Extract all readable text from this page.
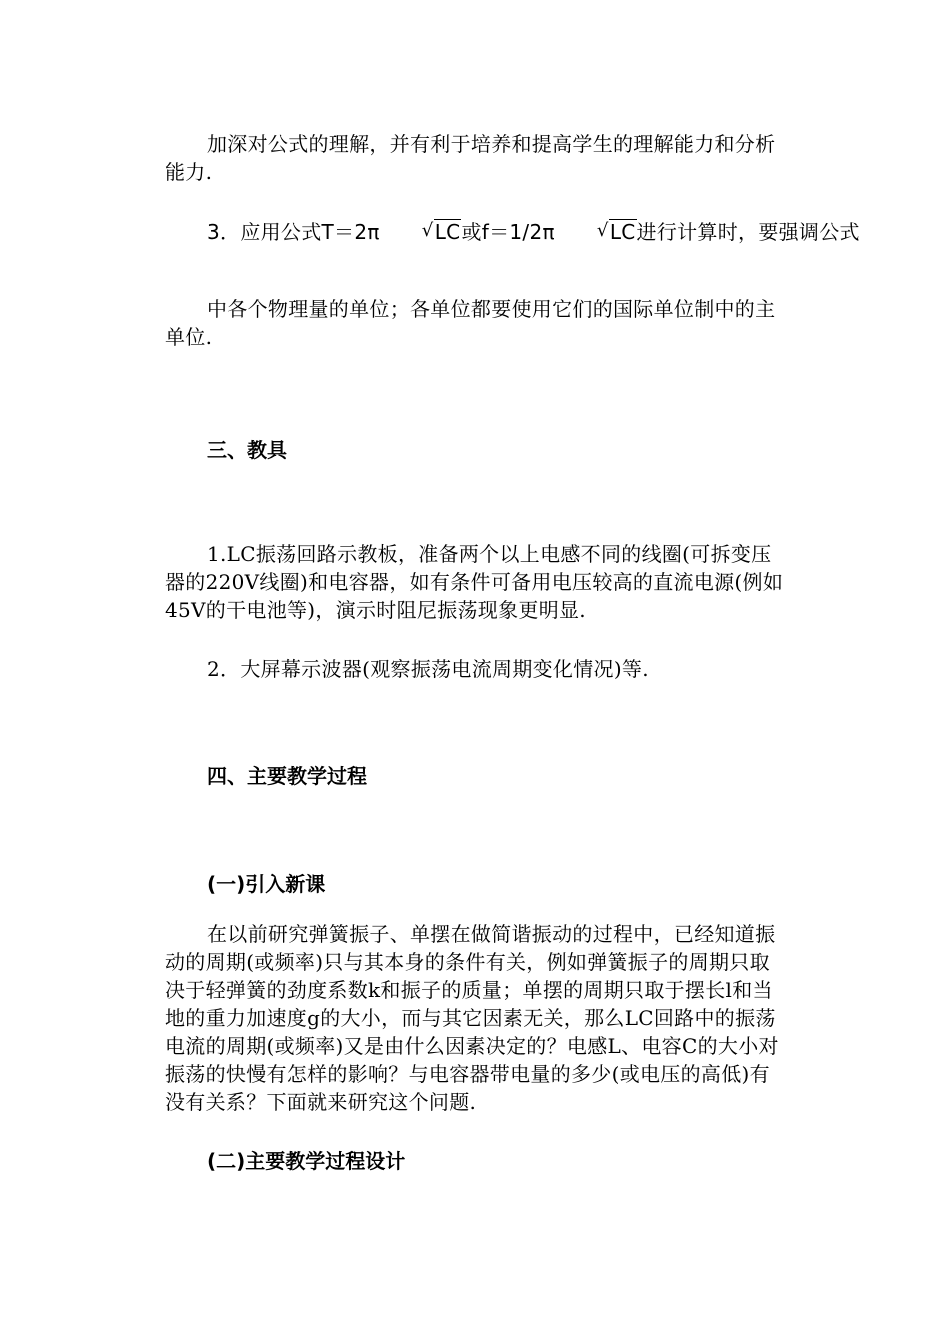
加深对公式的理解，并有利于培养和提高学生的理解能力和分析能力.

3．应用公式T＝2π	√ LC或f＝1/2π	√ LC进行计算时，要强调公式

中各个物理量的单位；各单位都要使用它们的国际单位制中的主单位.

三、教具

1.LC振荡回路示教板，准备两个以上电感不同的线圈(可拆变压器的220V线圈)和电容器，如有条件可备用电压较高的直流电源(例如45V的干电池等)，演示时阻尼振荡现象更明显.

2．大屏幕示波器(观察振荡电流周期变化情况)等.

四、主要教学过程
(一)引入新课

在以前研究弹簧振子、单摆在做简谐振动的过程中，已经知道振动的周期(或频率)只与其本身的条件有关，例如弹簧振子的周期只取决于轻弹簧的劲度系数k和振子的质量；单摆的周期只取于摆长l和当地的重力加速度g的大小，而与其它因素无关，那么LC回路中的振荡电流的周期(或频率)又是由什么因素决定的？电感L、电容C的大小对振荡的快慢有怎样的影响？与电容器带电量的多少(或电压的高低)有没有关系？下面就来研究这个问题.

(二)主要教学过程设计
